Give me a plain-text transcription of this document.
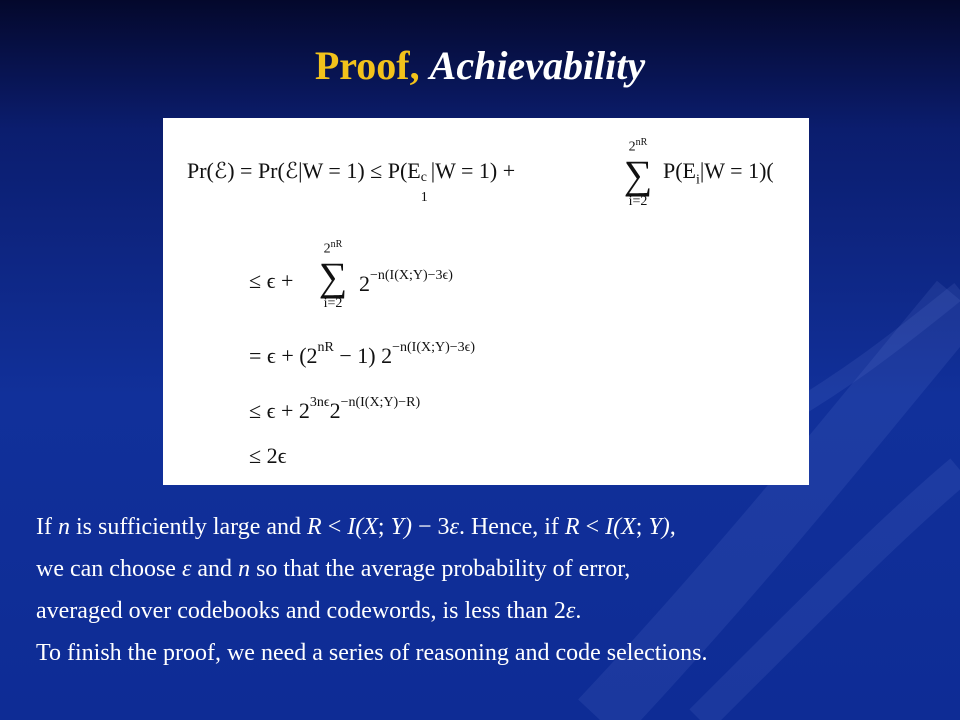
Proof, Achievability
Pr(ℰ) = Pr(ℰ|W = 1) ≤ P(E c
1
|W = 1) +
$2^{nR}$
∑
i=2
$P(E_i|W = 1)$(
≤ ϵ +
$2^{nR}$
∑
i=2
$2^{-n(I(X;Y)-3\epsilon)}$
= $\epsilon + (2^{nR} - 1)$ $2^{-n(I(X;Y)-3\epsilon)}$
≤ $\epsilon + 2^{3n\epsilon}2^{-n(I(X;Y)-R)}$
≤ 2ϵ

If n is sufficiently large and R < I(X; Y) − 3ε. Hence, if R < I(X; Y),

we can choose ε and n so that the average probability of error,

averaged over codebooks and codewords, is less than 2ε.

To finish the proof, we need a series of reasoning and code selections.
